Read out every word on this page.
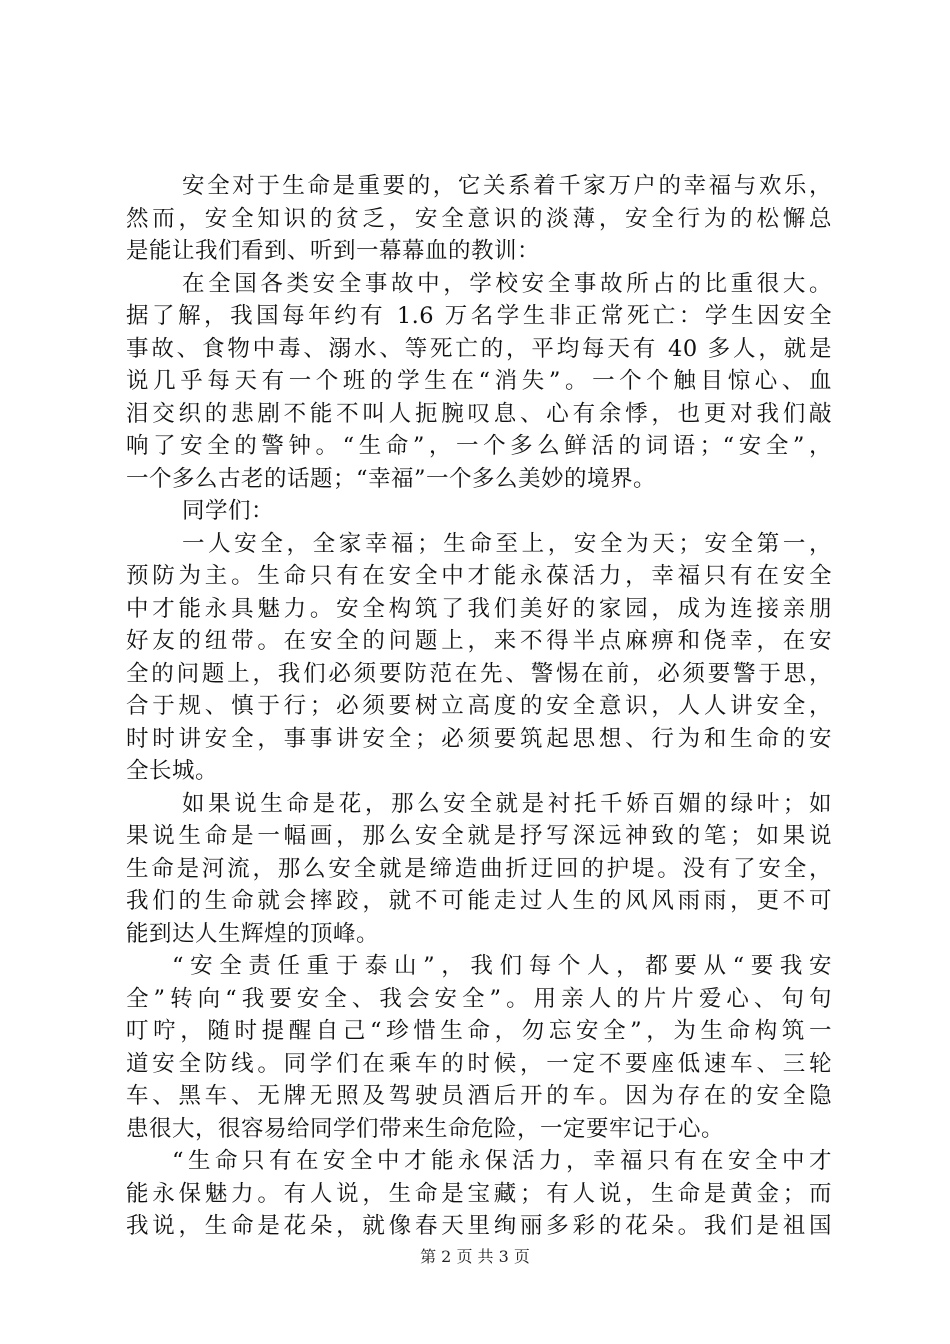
安全对于生命是重要的，它关系着千家万户的幸福与欢乐，
然而，安全知识的贫乏，安全意识的淡薄，安全行为的松懈总
是能让我们看到、听到一幕幕血的教训：
在全国各类安全事故中，学校安全事故所占的比重很大。
据了解，我国每年约有 1.6 万名学生非正常死亡：学生因安全
事故、食物中毒、溺水、等死亡的，平均每天有 40 多人，就是
说几乎每天有一个班的学生在“消失”。一个个触目惊心、血
泪交织的悲剧不能不叫人扼腕叹息、心有余悸，也更对我们敲
响了安全的警钟。“生命”，一个多么鲜活的词语；“安全”，
一个多么古老的话题；“幸福”一个多么美妙的境界。
同学们：
一人安全，全家幸福；生命至上，安全为天；安全第一，
预防为主。生命只有在安全中才能永葆活力，幸福只有在安全
中才能永具魅力。安全构筑了我们美好的家园，成为连接亲朋
好友的纽带。在安全的问题上，来不得半点麻痹和侥幸，在安
全的问题上，我们必须要防范在先、警惕在前，必须要警于思，
合于规、慎于行；必须要树立高度的安全意识，人人讲安全，
时时讲安全，事事讲安全；必须要筑起思想、行为和生命的安
全长城。
如果说生命是花，那么安全就是衬托千娇百媚的绿叶；如
果说生命是一幅画，那么安全就是抒写深远神致的笔；如果说
生命是河流，那么安全就是缔造曲折迂回的护堤。没有了安全，
我们的生命就会摔跤，就不可能走过人生的风风雨雨，更不可
能到达人生辉煌的顶峰。
“安全责任重于泰山”，我们每个人，都要从“要我安
全”转向“我要安全、我会安全”。用亲人的片片爱心、句句
叮咛，随时提醒自己“珍惜生命，勿忘安全”，为生命构筑一
道安全防线。同学们在乘车的时候，一定不要座低速车、三轮
车、黑车、无牌无照及驾驶员酒后开的车。因为存在的安全隐
患很大，很容易给同学们带来生命危险，一定要牢记于心。
“生命只有在安全中才能永保活力，幸福只有在安全中才
能永保魅力。有人说，生命是宝藏；有人说，生命是黄金；而
我说，生命是花朵，就像春天里绚丽多彩的花朵。我们是祖国
第 2 页 共 3 页
